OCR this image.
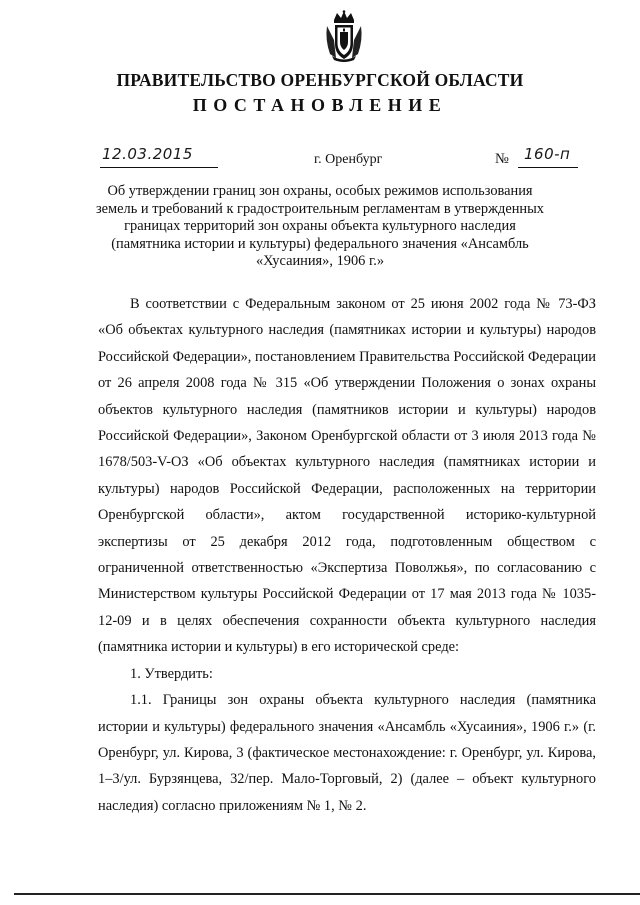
ПРАВИТЕЛЬСТВО ОРЕНБУРГСКОЙ ОБЛАСТИ
ПОСТАНОВЛЕНИЕ
12.03.2015	г. Оренбург	№ 160-п
Об утверждении границ зон охраны, особых режимов использования земель и требований к градостроительным регламентам в утвержденных границах территорий зон охраны объекта культурного наследия (памятника истории и культуры) федерального значения «Ансамбль «Хусаиния», 1906 г.»

В соответствии с Федеральным законом от 25 июня 2002 года № 73-ФЗ «Об объектах культурного наследия (памятниках истории и культуры) народов Российской Федерации», постановлением Правительства Российской Федерации от 26 апреля 2008 года № 315 «Об утверждении Положения о зонах охраны объектов культурного наследия (памятников истории и культуры) народов Российской Федерации», Законом Оренбургской области от 3 июля 2013 года № 1678/503-V-ОЗ «Об объектах культурного наследия (памятниках истории и культуры) народов Российской Федерации, расположенных на территории Оренбургской области», актом государственной историко-культурной экспертизы от 25 декабря 2012 года, подготовленным обществом с ограниченной ответственностью «Экспертиза Поволжья», по согласованию с Министерством культуры Российской Федерации от 17 мая 2013 года № 1035-12-09 и в целях обеспечения сохранности объекта культурного наследия (памятника истории и культуры) в его исторической среде:

1. Утвердить:

1.1. Границы зон охраны объекта культурного наследия (памятника истории и культуры) федерального значения «Ансамбль «Хусаиния», 1906 г.» (г. Оренбург, ул. Кирова, 3 (фактическое местонахождение: г. Оренбург, ул. Кирова, 1–3/ул. Бурзянцева, 32/пер. Мало-Торговый, 2) (далее – объект культурного наследия) согласно приложениям № 1, № 2.
